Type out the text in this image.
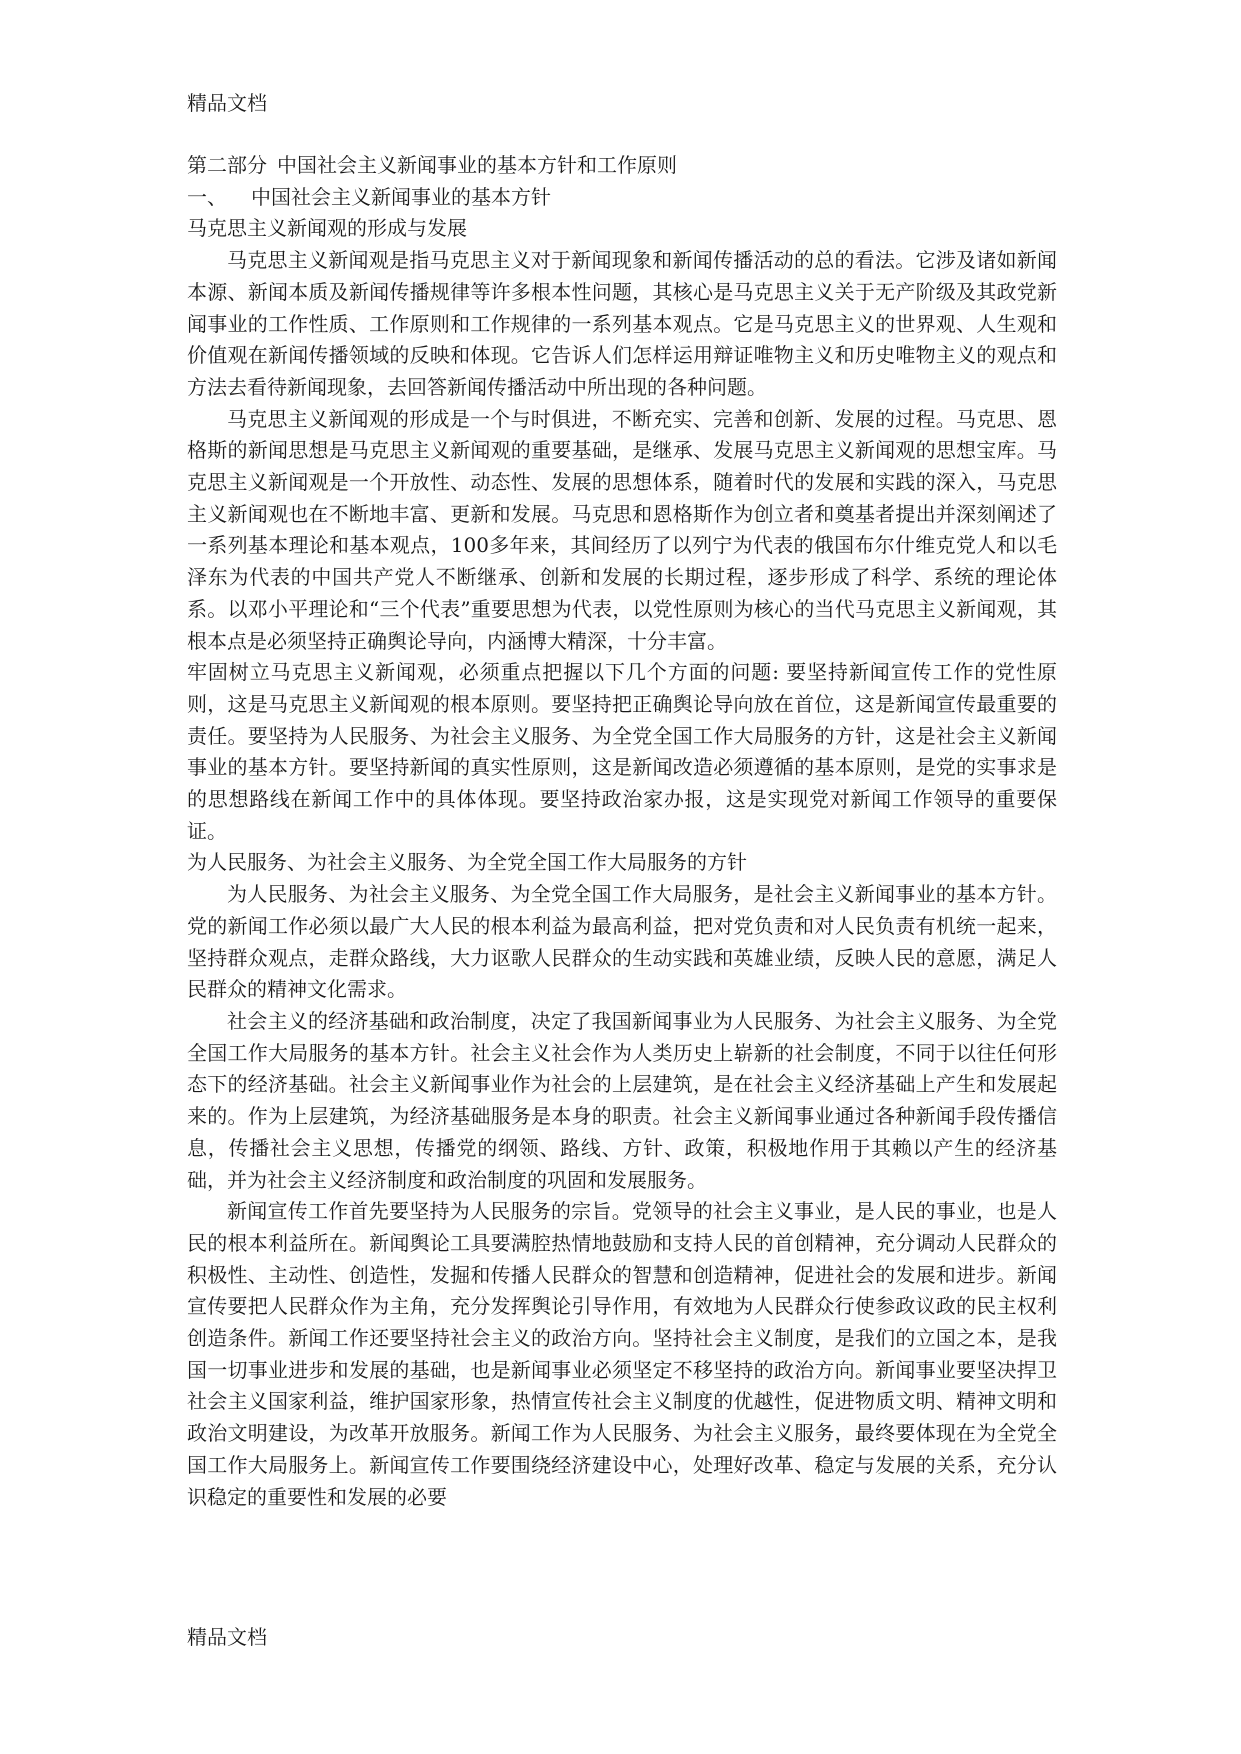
精品文档

第二部分 中国社会主义新闻事业的基本方针和工作原则

一、 中国社会主义新闻事业的基本方针

马克思主义新闻观的形成与发展

马克思主义新闻观是指马克思主义对于新闻现象和新闻传播活动的总的看法。它涉及诸如新闻本源、新闻本质及新闻传播规律等许多根本性问题，其核心是马克思主义关于无产阶级及其政党新闻事业的工作性质、工作原则和工作规律的一系列基本观点。它是马克思主义的世界观、人生观和价值观在新闻传播领域的反映和体现。它告诉人们怎样运用辩证唯物主义和历史唯物主义的观点和方法去看待新闻现象，去回答新闻传播活动中所出现的各种问题。

马克思主义新闻观的形成是一个与时俱进，不断充实、完善和创新、发展的过程。马克思、恩格斯的新闻思想是马克思主义新闻观的重要基础，是继承、发展马克思主义新闻观的思想宝库。马克思主义新闻观是一个开放性、动态性、发展的思想体系，随着时代的发展和实践的深入，马克思主义新闻观也在不断地丰富、更新和发展。马克思和恩格斯作为创立者和奠基者提出并深刻阐述了一系列基本理论和基本观点，100多年来，其间经历了以列宁为代表的俄国布尔什维克党人和以毛泽东为代表的中国共产党人不断继承、创新和发展的长期过程，逐步形成了科学、系统的理论体系。以邓小平理论和“三个代表”重要思想为代表，以党性原则为核心的当代马克思主义新闻观，其根本点是必须坚持正确舆论导向，内涵博大精深，十分丰富。

牢固树立马克思主义新闻观，必须重点把握以下几个方面的问题: 要坚持新闻宣传工作的党性原则，这是马克思主义新闻观的根本原则。要坚持把正确舆论导向放在首位，这是新闻宣传最重要的责任。要坚持为人民服务、为社会主义服务、为全党全国工作大局服务的方针，这是社会主义新闻事业的基本方针。要坚持新闻的真实性原则，这是新闻改造必须遵循的基本原则，是党的实事求是的思想路线在新闻工作中的具体体现。要坚持政治家办报，这是实现党对新闻工作领导的重要保证。

为人民服务、为社会主义服务、为全党全国工作大局服务的方针

为人民服务、为社会主义服务、为全党全国工作大局服务，是社会主义新闻事业的基本方针。党的新闻工作必须以最广大人民的根本利益为最高利益，把对党负责和对人民负责有机统一起来，坚持群众观点，走群众路线，大力讴歌人民群众的生动实践和英雄业绩，反映人民的意愿，满足人民群众的精神文化需求。

社会主义的经济基础和政治制度，决定了我国新闻事业为人民服务、为社会主义服务、为全党全国工作大局服务的基本方针。社会主义社会作为人类历史上崭新的社会制度，不同于以往任何形态下的经济基础。社会主义新闻事业作为社会的上层建筑，是在社会主义经济基础上产生和发展起来的。作为上层建筑，为经济基础服务是本身的职责。社会主义新闻事业通过各种新闻手段传播信息，传播社会主义思想，传播党的纲领、路线、方针、政策，积极地作用于其赖以产生的经济基础，并为社会主义经济制度和政治制度的巩固和发展服务。

新闻宣传工作首先要坚持为人民服务的宗旨。党领导的社会主义事业，是人民的事业，也是人民的根本利益所在。新闻舆论工具要满腔热情地鼓励和支持人民的首创精神，充分调动人民群众的积极性、主动性、创造性，发掘和传播人民群众的智慧和创造精神，促进社会的发展和进步。新闻宣传要把人民群众作为主角，充分发挥舆论引导作用，有效地为人民群众行使参政议政的民主权利创造条件。新闻工作还要坚持社会主义的政治方向。坚持社会主义制度，是我们的立国之本，是我国一切事业进步和发展的基础，也是新闻事业必须坚定不移坚持的政治方向。新闻事业要坚决捍卫社会主义国家利益，维护国家形象，热情宣传社会主义制度的优越性，促进物质文明、精神文明和政治文明建设，为改革开放服务。新闻工作为人民服务、为社会主义服务，最终要体现在为全党全国工作大局服务上。新闻宣传工作要围绕经济建设中心，处理好改革、稳定与发展的关系，充分认识稳定的重要性和发展的必要

精品文档
